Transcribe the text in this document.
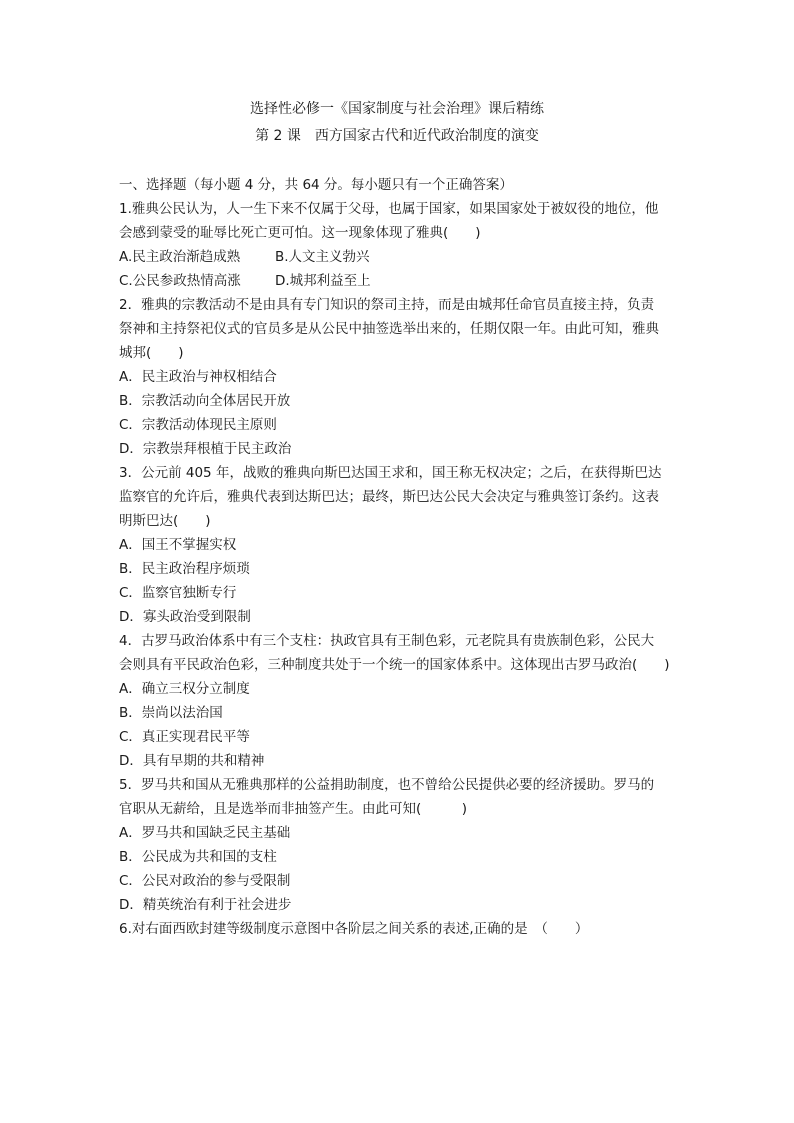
选择性必修一《国家制度与社会治理》课后精练
第 2 课　西方国家古代和近代政治制度的演变
一、选择题（每小题 4 分，共 64 分。每小题只有一个正确答案）
1.雅典公民认为，人一生下来不仅属于父母，也属于国家，如果国家处于被奴役的地位，他
会感到蒙受的耻辱比死亡更可怕。这一现象体现了雅典(　　)
A.民主政治渐趋成熟	B.人文主义勃兴
C.公民参政热情高涨	D.城邦利益至上
2．雅典的宗教活动不是由具有专门知识的祭司主持，而是由城邦任命官员直接主持，负责
祭神和主持祭祀仪式的官员多是从公民中抽签选举出来的，任期仅限一年。由此可知，雅典
城邦(　　)
A．民主政治与神权相结合
B．宗教活动向全体居民开放
C．宗教活动体现民主原则
D．宗教崇拜根植于民主政治
3．公元前 405 年，战败的雅典向斯巴达国王求和，国王称无权决定；之后，在获得斯巴达
监察官的允许后，雅典代表到达斯巴达；最终，斯巴达公民大会决定与雅典签订条约。这表
明斯巴达(　　)
A．国王不掌握实权
B．民主政治程序烦琐
C．监察官独断专行
D．寡头政治受到限制
4．古罗马政治体系中有三个支柱：执政官具有王制色彩，元老院具有贵族制色彩，公民大
会则具有平民政治色彩，三种制度共处于一个统一的国家体系中。这体现出古罗马政治(　　)
A．确立三权分立制度
B．崇尚以法治国
C．真正实现君民平等
D．具有早期的共和精神
5．罗马共和国从无雅典那样的公益捐助制度，也不曾给公民提供必要的经济援助。罗马的
官职从无薪给，且是选举而非抽签产生。由此可知(　　　)
A．罗马共和国缺乏民主基础
B．公民成为共和国的支柱
C．公民对政治的参与受限制
D．精英统治有利于社会进步
6.对右面西欧封建等级制度示意图中各阶层之间关系的表述,正确的是　（　　）
